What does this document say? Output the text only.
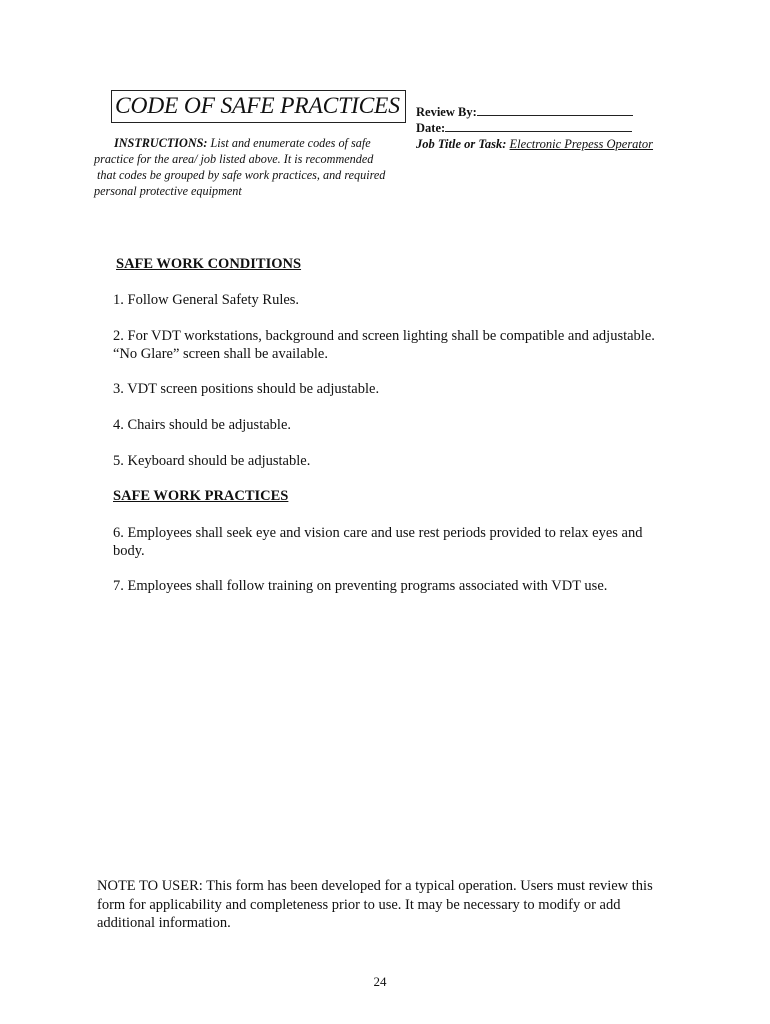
CODE OF SAFE PRACTICES
INSTRUCTIONS: List and enumerate codes of safe
practice for the area/ job listed above. It is recommended
that codes be grouped by safe work practices, and required
personal protective equipment
Review By:
Date:
Job Title or Task: Electronic Prepess Operator
SAFE WORK CONDITIONS
1. Follow General Safety Rules.
2. For VDT workstations, background and screen lighting shall be compatible and adjustable. “No Glare” screen shall be available.
3. VDT screen positions should be adjustable.
4. Chairs should be adjustable.
5. Keyboard should be adjustable.
SAFE WORK PRACTICES
6. Employees shall seek eye and vision care and use rest periods provided to relax eyes and body.
7. Employees shall follow training on preventing programs associated with VDT use.
NOTE TO USER: This form has been developed for a typical operation. Users must review this form for applicability and completeness prior to use. It may be necessary to modify or add additional information.
24
